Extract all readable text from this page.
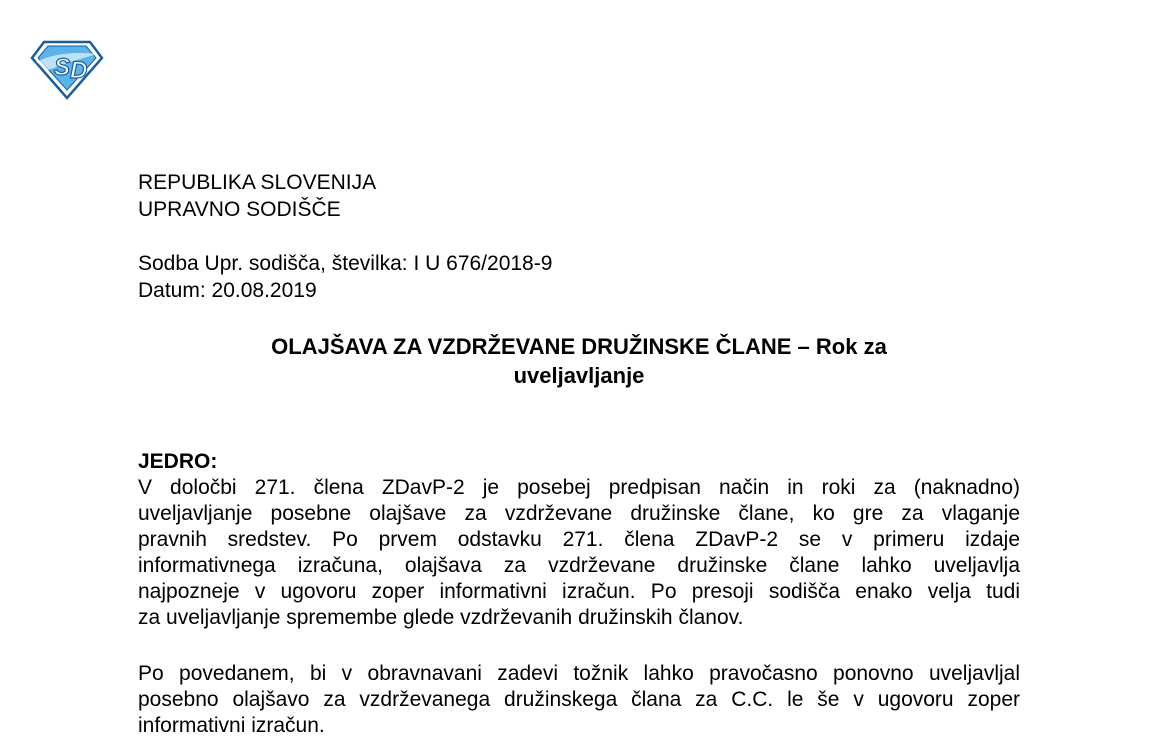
S D
REPUBLIKA SLOVENIJA
UPRAVNO SODIŠČE
Sodba Upr. sodišča, številka: I U 676/2018-9
Datum: 20.08.2019
OLAJŠAVA ZA VZDRŽEVANE DRUŽINSKE ČLANE – Rok za
uveljavljanje
JEDRO:
V določbi 271. člena ZDavP-2 je posebej predpisan način in roki za (naknadno)
uveljavljanje posebne olajšave za vzdrževane družinske člane, ko gre za vlaganje
pravnih sredstev. Po prvem odstavku 271. člena ZDavP-2 se v primeru izdaje
informativnega izračuna, olajšava za vzdrževane družinske člane lahko uveljavlja
najpozneje v ugovoru zoper informativni izračun. Po presoji sodišča enako velja tudi
za uveljavljanje spremembe glede vzdrževanih družinskih članov.
Po povedanem, bi v obravnavani zadevi tožnik lahko pravočasno ponovno uveljavljal
posebno olajšavo za vzdrževanega družinskega člana za C.C. le še v ugovoru zoper
informativni izračun.
